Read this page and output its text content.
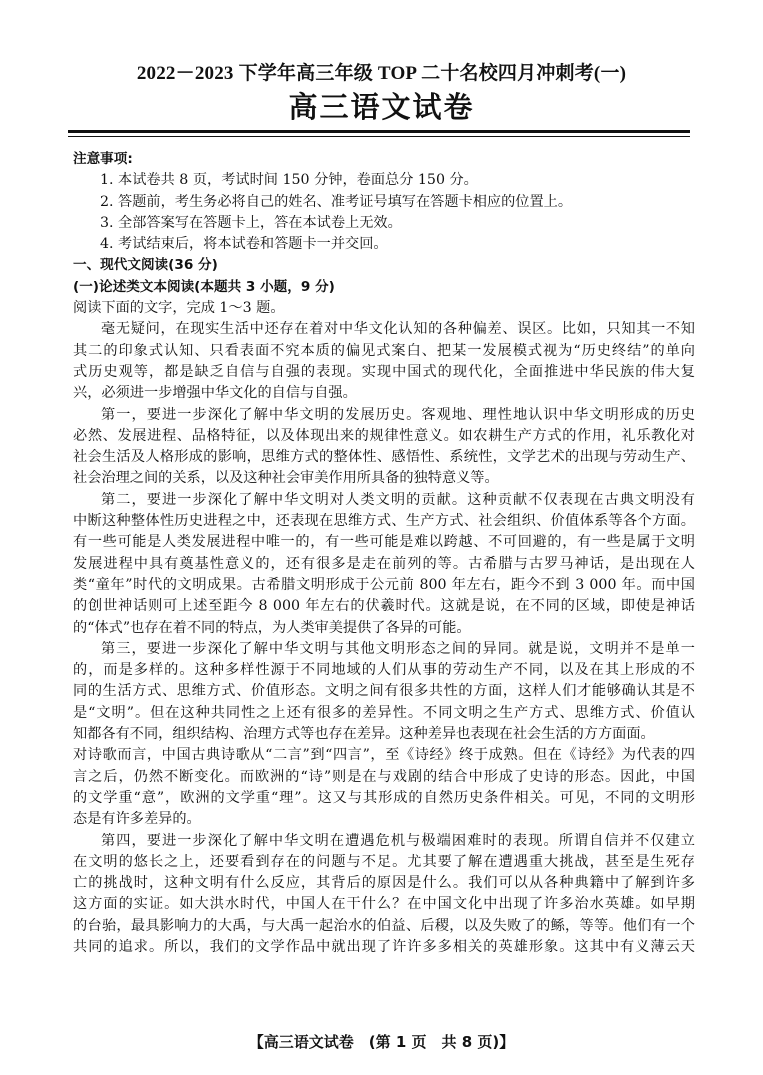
2022－2023 下学年高三年级 TOP 二十名校四月冲刺考(一)
高三语文试卷
注意事项:
1. 本试卷共 8 页，考试时间 150 分钟，卷面总分 150 分。
2. 答题前，考生务必将自己的姓名、准考证号填写在答题卡相应的位置上。
3. 全部答案写在答题卡上，答在本试卷上无效。
4. 考试结束后，将本试卷和答题卡一并交回。
一、现代文阅读(36 分)
(一)论述类文本阅读(本题共 3 小题，9 分)
阅读下面的文字，完成 1～3 题。
毫无疑问，在现实生活中还存在着对中华文化认知的各种偏差、误区。比如，只知其一不知
其二的印象式认知、只看表面不究本质的偏见式案白、把某一发展模式视为“历史终结”的单向
式历史观等，都是缺乏自信与自强的表现。实现中国式的现代化，全面推进中华民族的伟大复
兴，必须进一步增强中华文化的自信与自强。
第一，要进一步深化了解中华文明的发展历史。客观地、理性地认识中华文明形成的历史
必然、发展进程、品格特征，以及体现出来的规律性意义。如农耕生产方式的作用，礼乐教化对
社会生活及人格形成的影响，思维方式的整体性、感悟性、系统性，文学艺术的出现与劳动生产、
社会治理之间的关系，以及这种社会审美作用所具备的独特意义等。
第二，要进一步深化了解中华文明对人类文明的贡献。这种贡献不仅表现在古典文明没有
中断这种整体性历史进程之中，还表现在思维方式、生产方式、社会组织、价值体系等各个方面。
有一些可能是人类发展进程中唯一的，有一些可能是难以跨越、不可回避的，有一些是属于文明
发展进程中具有奠基性意义的，还有很多是走在前列的等。古希腊与古罗马神话，是出现在人
类“童年”时代的文明成果。古希腊文明形成于公元前 800 年左右，距今不到 3 000 年。而中国
的创世神话则可上述至距今 8 000 年左右的伏羲时代。这就是说，在不同的区域，即使是神话
的“体式”也存在着不同的特点，为人类审美提供了各异的可能。
第三，要进一步深化了解中华文明与其他文明形态之间的异同。就是说，文明并不是单一
的，而是多样的。这种多样性源于不同地域的人们从事的劳动生产不同，以及在其上形成的不
同的生活方式、思维方式、价值形态。文明之间有很多共性的方面，这样人们才能够确认其是不
是“文明”。但在这种共同性之上还有很多的差异性。不同文明之生产方式、思维方式、价值认
知都各有不同，组织结构、治理方式等也存在差异。这种差异也表现在社会生活的方方面面。
对诗歌而言，中国古典诗歌从“二言”到“四言”，至《诗经》终于成熟。但在《诗经》为代表的四
言之后，仍然不断变化。而欧洲的“诗”则是在与戏剧的结合中形成了史诗的形态。因此，中国
的文学重“意”，欧洲的文学重“理”。这又与其形成的自然历史条件相关。可见，不同的文明形
态是有许多差异的。
第四，要进一步深化了解中华文明在遭遇危机与极端困难时的表现。所谓自信并不仅建立
在文明的悠长之上，还要看到存在的问题与不足。尤其要了解在遭遇重大挑战，甚至是生死存
亡的挑战时，这种文明有什么反应，其背后的原因是什么。我们可以从各种典籍中了解到许多
这方面的实证。如大洪水时代，中国人在干什么？在中国文化中出现了许多治水英雄。如早期
的台骀，最具影响力的大禹，与大禹一起治水的伯益、后稷，以及失败了的鲧，等等。他们有一个
共同的追求。所以，我们的文学作品中就出现了许许多多相关的英雄形象。这其中有义薄云天
【高三语文试卷　(第 1 页　共 8 页)】
